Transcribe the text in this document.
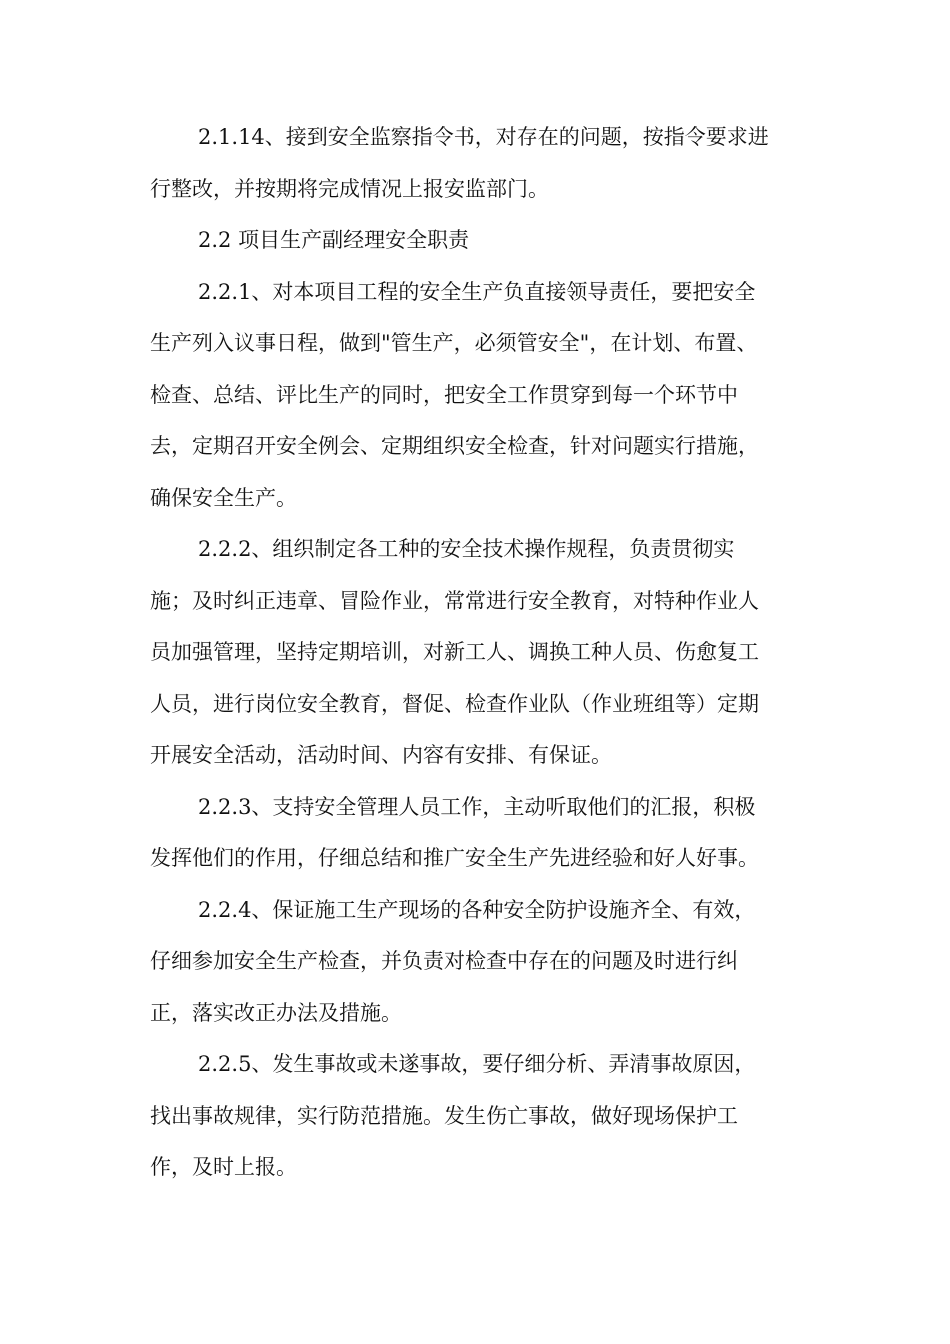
2.1.14、接到安全监察指令书，对存在的问题，按指令要求进
行整改，并按期将完成情况上报安监部门。
2.2 项目生产副经理安全职责
2.2.1、对本项目工程的安全生产负直接领导责任，要把安全
生产列入议事日程，做到"管生产，必须管安全"，在计划、布置、
检查、总结、评比生产的同时，把安全工作贯穿到每一个环节中
去，定期召开安全例会、定期组织安全检查，针对问题实行措施，
确保安全生产。
2.2.2、组织制定各工种的安全技术操作规程，负责贯彻实
施；及时纠正违章、冒险作业，常常进行安全教育，对特种作业人
员加强管理，坚持定期培训，对新工人、调换工种人员、伤愈复工
人员，进行岗位安全教育，督促、检查作业队（作业班组等）定期
开展安全活动，活动时间、内容有安排、有保证。
2.2.3、支持安全管理人员工作，主动听取他们的汇报，积极
发挥他们的作用，仔细总结和推广安全生产先进经验和好人好事。
2.2.4、保证施工生产现场的各种安全防护设施齐全、有效，
仔细参加安全生产检查，并负责对检查中存在的问题及时进行纠
正，落实改正办法及措施。
2.2.5、发生事故或未遂事故，要仔细分析、弄清事故原因，
找出事故规律，实行防范措施。发生伤亡事故，做好现场保护工
作，及时上报。
